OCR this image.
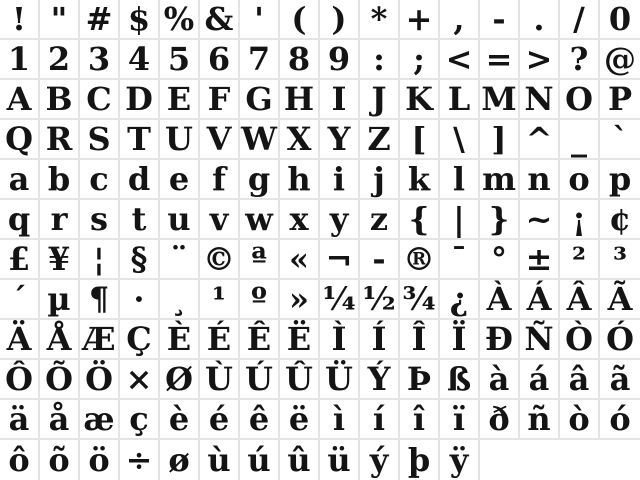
! " # $ % & ' ( ) * + , - . / 0
1 2 3 4 5 6 7 8 9 : ; < = > ? @
A B C D E F G H I J K L M N O P
Q R S T U V W X Y Z [ \ ] ^ _ `
a b c d e f g h i j k l m n o p
q r s t u v w x y z { | } ~ ¡ ¢
£ ¥ ¦ § ¨ © ª « ¬ - ® ¯ ° ± ² ³
´ µ ¶ · ¸ ¹ º » ¼ ½ ¾ ¿ À Á Â Ã
Ä Å Æ Ç È É Ê Ë Ì Í Î Ï Ð Ñ Ò Ó
Ô Õ Ö × Ø Ù Ú Û Ü Ý Þ ß à á â ã
ä å æ ç è é ê ë ì í î ï ð ñ ò ó
ô õ ö ÷ ø ù ú û ü ý þ ÿ
